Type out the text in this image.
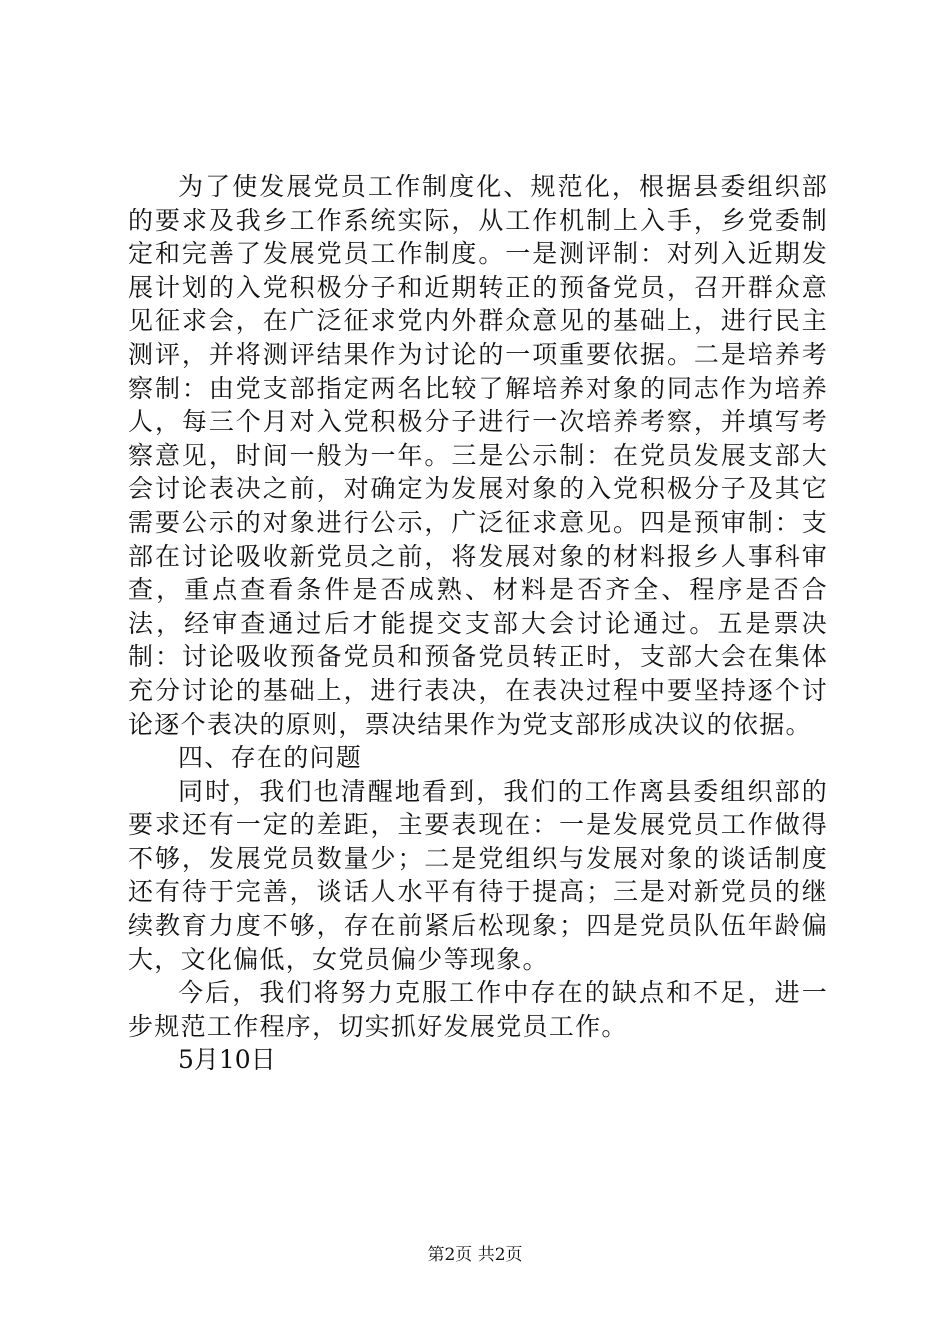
为了使发展党员工作制度化、规范化，根据县委组织部的要求及我乡工作系统实际，从工作机制上入手，乡党委制定和完善了发展党员工作制度。一是测评制：对列入近期发展计划的入党积极分子和近期转正的预备党员，召开群众意见征求会，在广泛征求党内外群众意见的基础上，进行民主测评，并将测评结果作为讨论的一项重要依据。二是培养考察制：由党支部指定两名比较了解培养对象的同志作为培养人，每三个月对入党积极分子进行一次培养考察，并填写考察意见，时间一般为一年。三是公示制：在党员发展支部大会讨论表决之前，对确定为发展对象的入党积极分子及其它需要公示的对象进行公示，广泛征求意见。四是预审制：支部在讨论吸收新党员之前，将发展对象的材料报乡人事科审查，重点查看条件是否成熟、材料是否齐全、程序是否合法，经审查通过后才能提交支部大会讨论通过。五是票决制：讨论吸收预备党员和预备党员转正时，支部大会在集体充分讨论的基础上，进行表决，在表决过程中要坚持逐个讨论逐个表决的原则，票决结果作为党支部形成决议的依据。

四、存在的问题

同时，我们也清醒地看到，我们的工作离县委组织部的要求还有一定的差距，主要表现在：一是发展党员工作做得不够，发展党员数量少；二是党组织与发展对象的谈话制度还有待于完善，谈话人水平有待于提高；三是对新党员的继续教育力度不够，存在前紧后松现象；四是党员队伍年龄偏大，文化偏低，女党员偏少等现象。

今后，我们将努力克服工作中存在的缺点和不足，进一步规范工作程序，切实抓好发展党员工作。

5月10日

第2页 共2页
